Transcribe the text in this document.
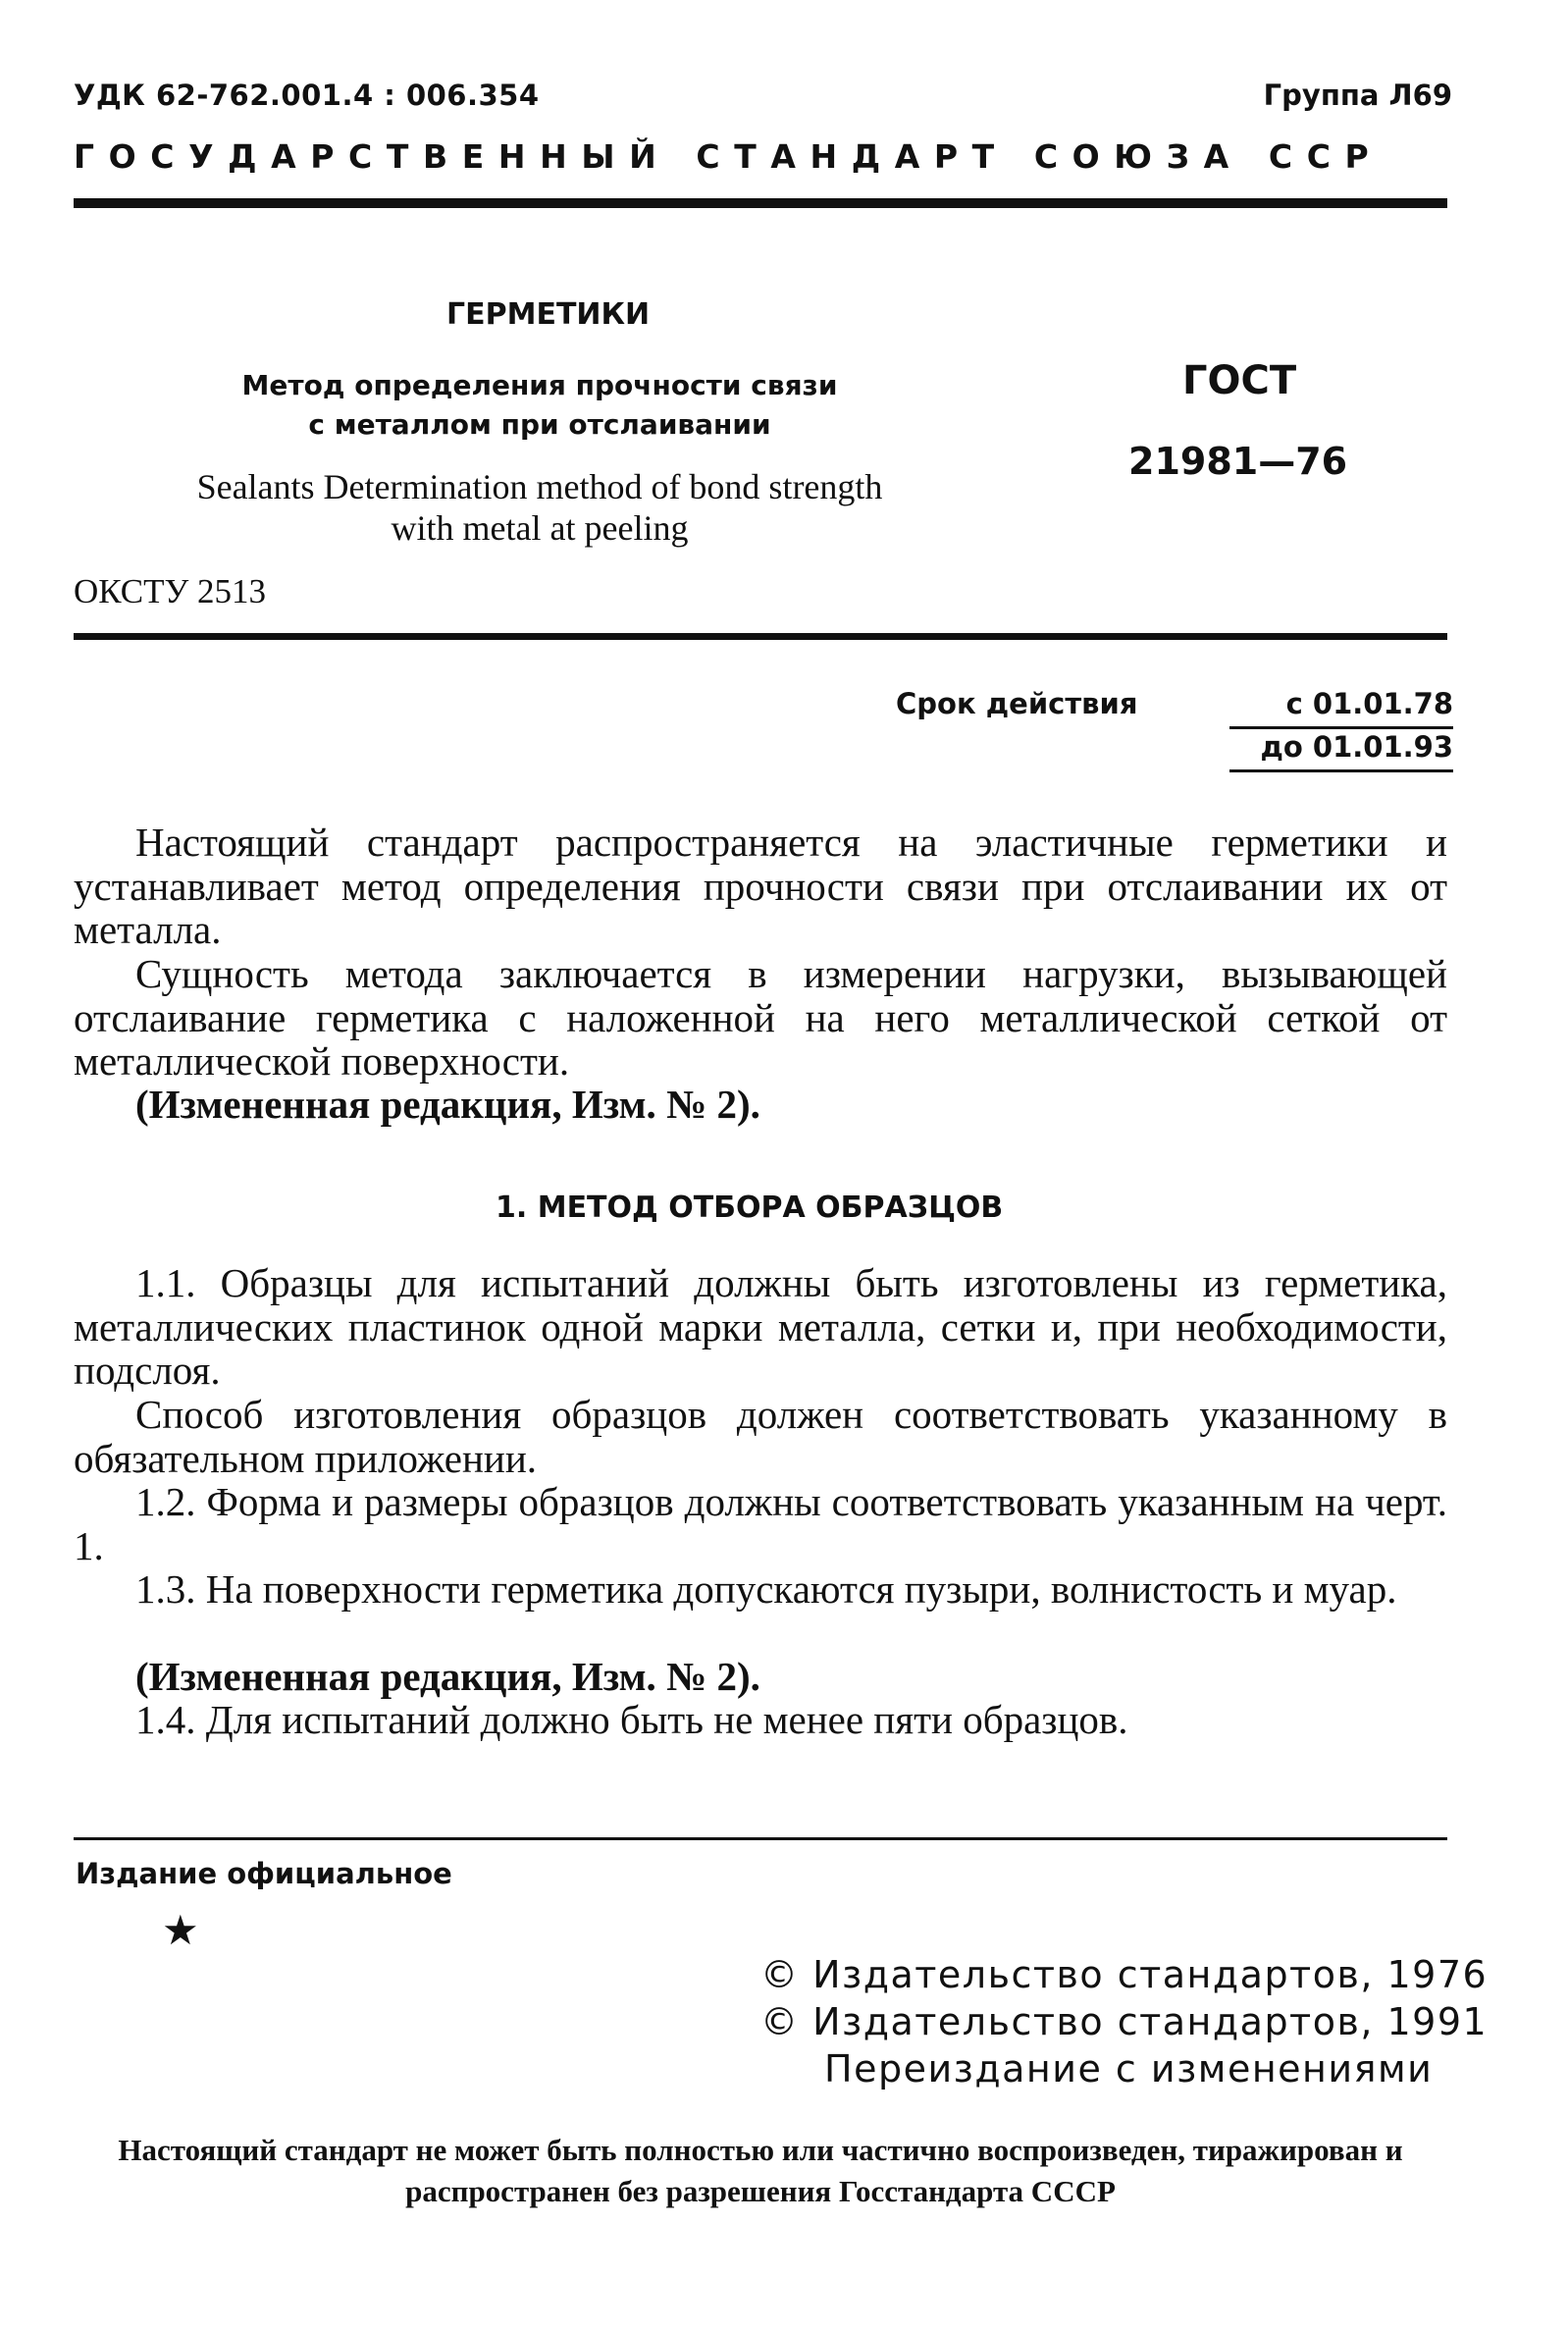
УДК 62-762.001.4 : 006.354	Группа Л69
ГОСУДАРСТВЕННЫЙ СТАНДАРТ СОЮЗА ССР
ГЕРМЕТИКИ
Метод определения прочности связи
с металлом при отслаивании
Sealants Determination method of bond strength
with metal at peeling
ГОСТ
21981—76
ОКСТУ 2513
Срок действия	с 01.01.78
до 01.01.93

Настоящий стандарт распространяется на эластичные герметики и устанавливает метод определения прочности связи при отслаивании их от металла.

Сущность метода заключается в измерении нагрузки, вызывающей отслаивание герметика с наложенной на него металлической сеткой от металлической поверхности.

(Измененная редакция, Изм. № 2).
1. МЕТОД ОТБОРА ОБРАЗЦОВ

1.1. Образцы для испытаний должны быть изготовлены из герметика, металлических пластинок одной марки металла, сетки и, при необходимости, подслоя.

Способ изготовления образцов должен соответствовать указанному в обязательном приложении.

1.2. Форма и размеры образцов должны соответствовать указанным на черт. 1.

1.3. На поверхности герметика допускаются пузыри, волнистость и муар.

(Измененная редакция, Изм. № 2).

1.4. Для испытаний должно быть не менее пяти образцов.

Издание официальное
★
© Издательство стандартов, 1976
© Издательство стандартов, 1991
Переиздание с изменениями
Настоящий стандарт не может быть полностью или частично воспроизведен, тиражирован и распространен без разрешения Госстандарта СССР
